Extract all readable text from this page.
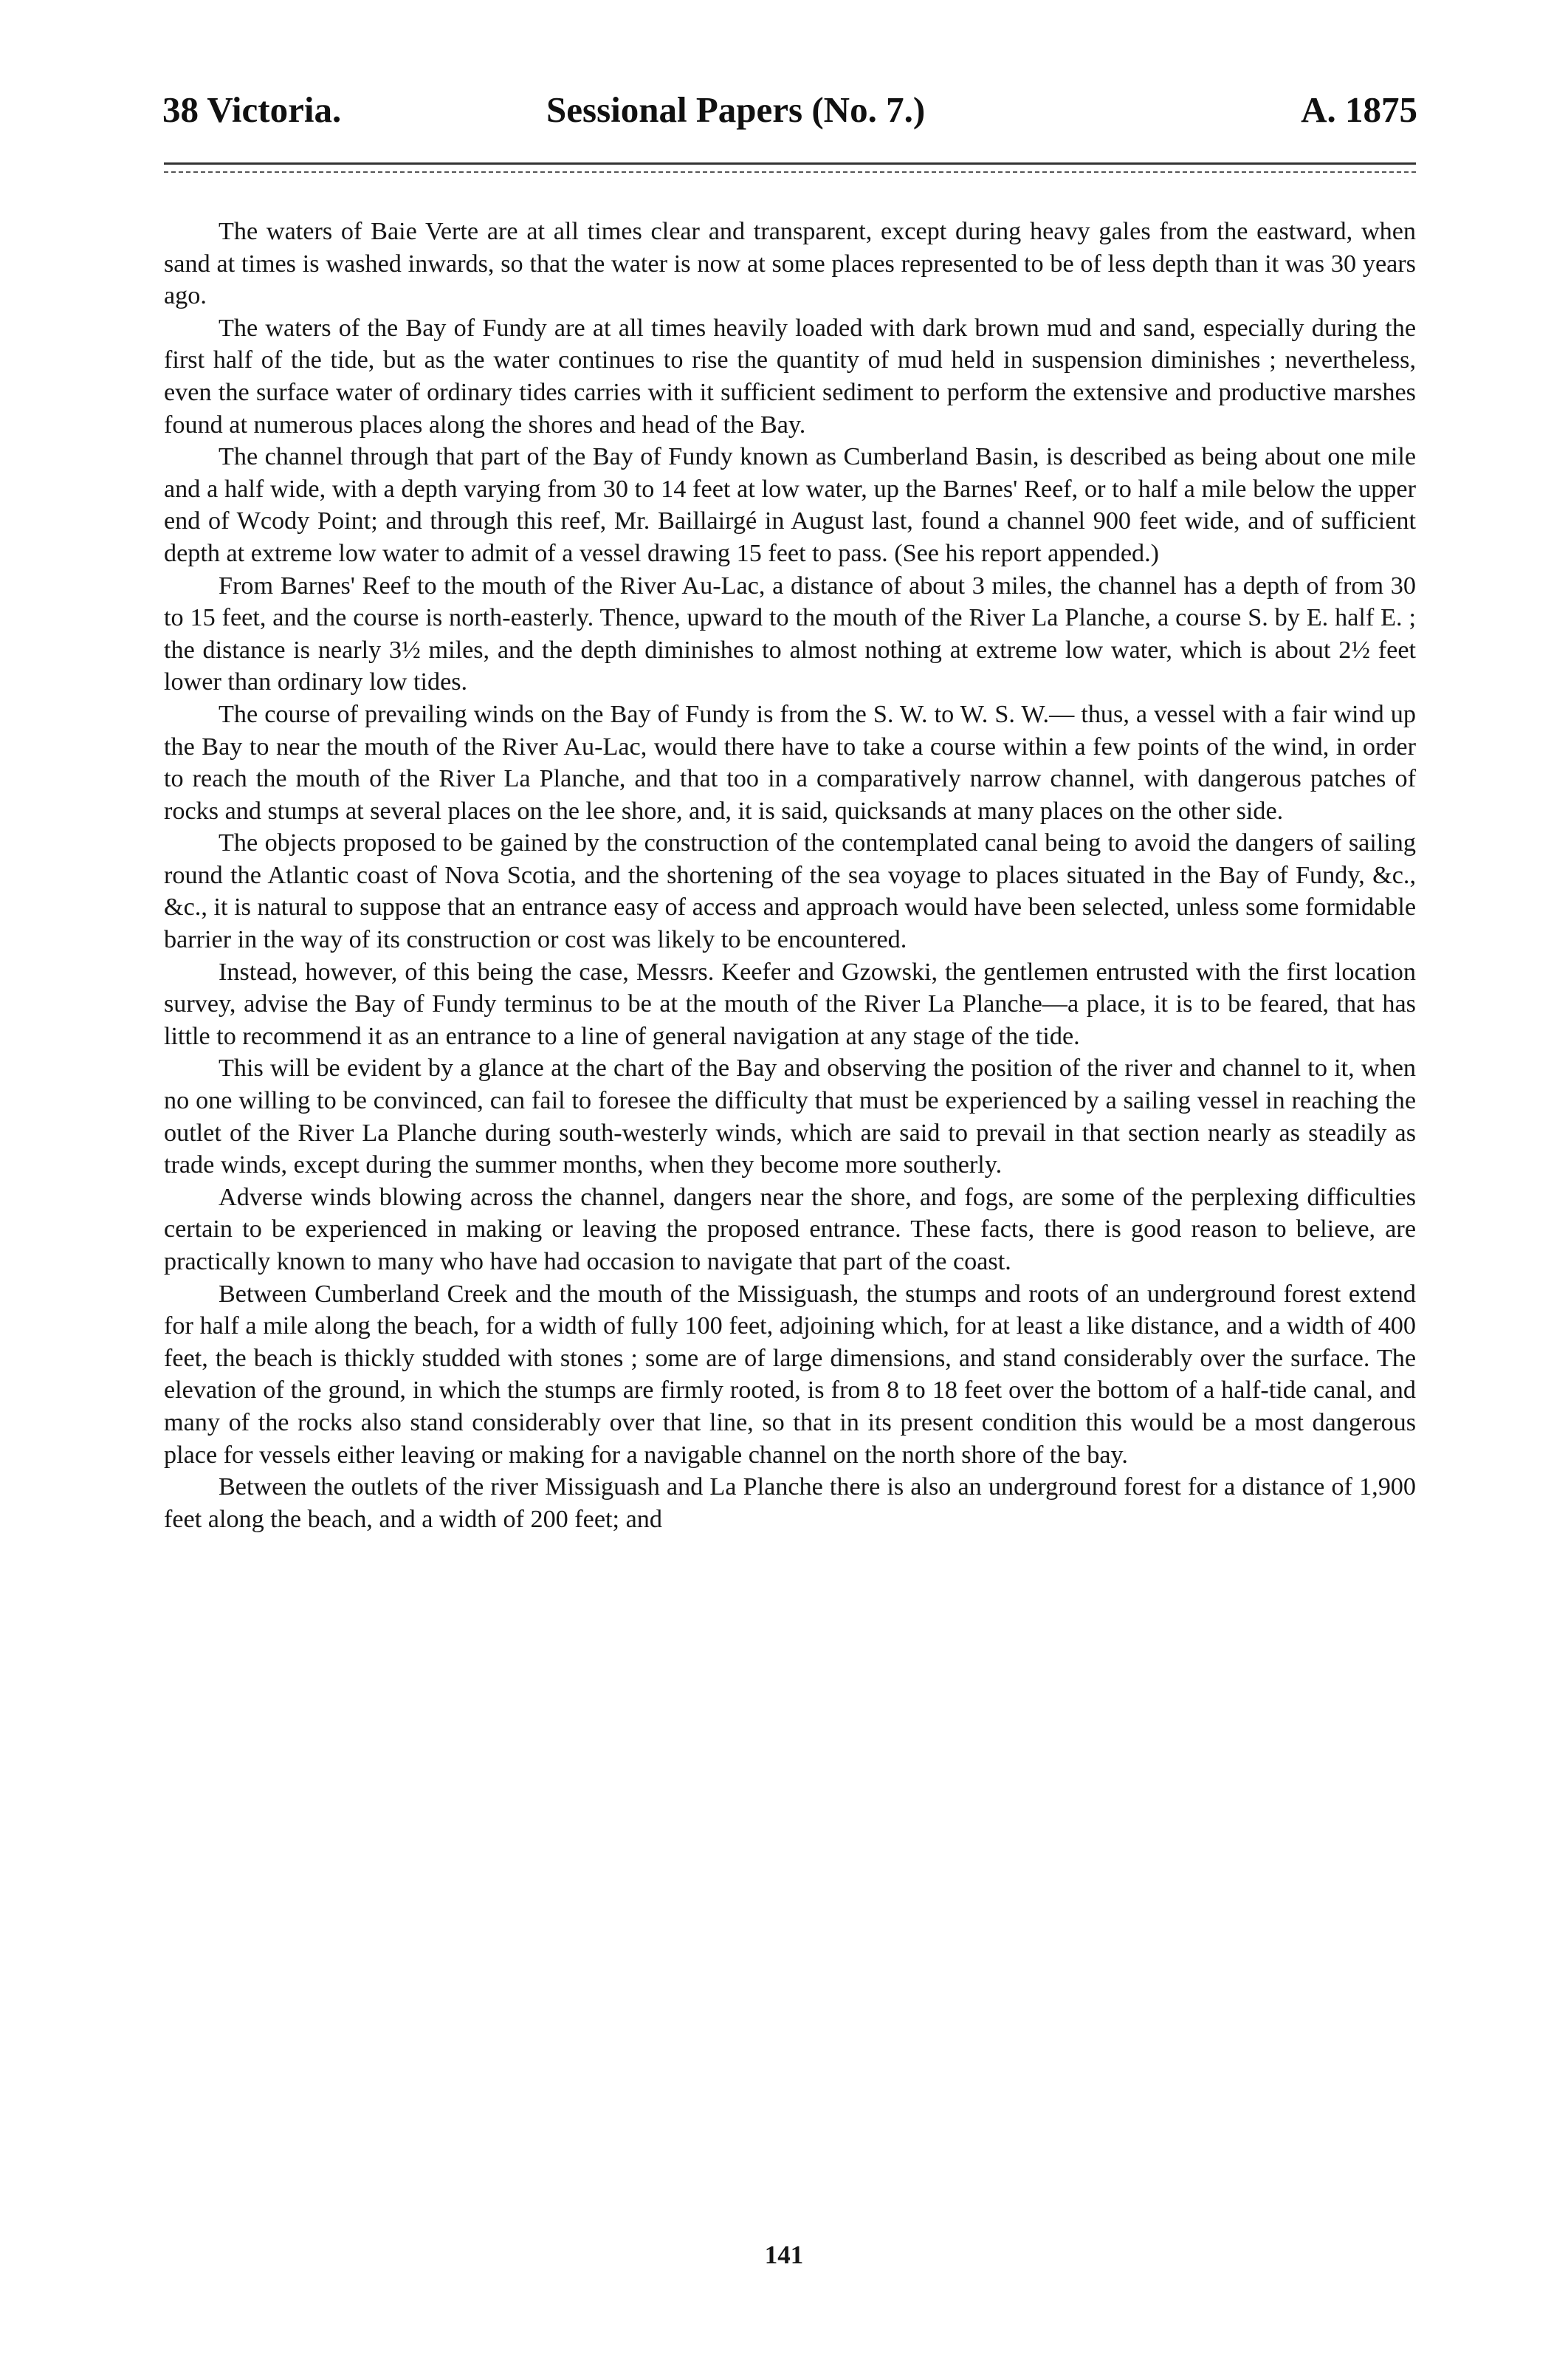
38 Victoria.	Sessional Papers (No. 7.)	A. 1875

The waters of Baie Verte are at all times clear and transparent, except during heavy gales from the eastward, when sand at times is washed inwards, so that the water is now at some places represented to be of less depth than it was 30 years ago.

The waters of the Bay of Fundy are at all times heavily loaded with dark brown mud and sand, especially during the first half of the tide, but as the water continues to rise the quantity of mud held in suspension diminishes ; nevertheless, even the surface water of ordinary tides carries with it sufficient sediment to perform the extensive and productive marshes found at numerous places along the shores and head of the Bay.

The channel through that part of the Bay of Fundy known as Cumberland Basin, is described as being about one mile and a half wide, with a depth varying from 30 to 14 feet at low water, up the Barnes' Reef, or to half a mile below the upper end of Wcody Point; and through this reef, Mr. Baillairgé in August last, found a channel 900 feet wide, and of sufficient depth at extreme low water to admit of a vessel drawing 15 feet to pass. (See his report appended.)

From Barnes' Reef to the mouth of the River Au-Lac, a distance of about 3 miles, the channel has a depth of from 30 to 15 feet, and the course is north-easterly. Thence, upward to the mouth of the River La Planche, a course S. by E. half E. ; the distance is nearly 3½ miles, and the depth diminishes to almost nothing at extreme low water, which is about 2½ feet lower than ordinary low tides.

The course of prevailing winds on the Bay of Fundy is from the S. W. to W. S. W.— thus, a vessel with a fair wind up the Bay to near the mouth of the River Au-Lac, would there have to take a course within a few points of the wind, in order to reach the mouth of the River La Planche, and that too in a comparatively narrow channel, with dangerous patches of rocks and stumps at several places on the lee shore, and, it is said, quicksands at many places on the other side.

The objects proposed to be gained by the construction of the contemplated canal being to avoid the dangers of sailing round the Atlantic coast of Nova Scotia, and the shortening of the sea voyage to places situated in the Bay of Fundy, &c., &c., it is natural to suppose that an entrance easy of access and approach would have been selected, unless some formidable barrier in the way of its construction or cost was likely to be encountered.

Instead, however, of this being the case, Messrs. Keefer and Gzowski, the gentlemen entrusted with the first location survey, advise the Bay of Fundy terminus to be at the mouth of the River La Planche—a place, it is to be feared, that has little to recommend it as an entrance to a line of general navigation at any stage of the tide.

This will be evident by a glance at the chart of the Bay and observing the position of the river and channel to it, when no one willing to be convinced, can fail to foresee the difficulty that must be experienced by a sailing vessel in reaching the outlet of the River La Planche during south-westerly winds, which are said to prevail in that section nearly as steadily as trade winds, except during the summer months, when they become more southerly.

Adverse winds blowing across the channel, dangers near the shore, and fogs, are some of the perplexing difficulties certain to be experienced in making or leaving the proposed entrance. These facts, there is good reason to believe, are practically known to many who have had occasion to navigate that part of the coast.

Between Cumberland Creek and the mouth of the Missiguash, the stumps and roots of an underground forest extend for half a mile along the beach, for a width of fully 100 feet, adjoining which, for at least a like distance, and a width of 400 feet, the beach is thickly studded with stones ; some are of large dimensions, and stand considerably over the surface. The elevation of the ground, in which the stumps are firmly rooted, is from 8 to 18 feet over the bottom of a half-tide canal, and many of the rocks also stand considerably over that line, so that in its present condition this would be a most dangerous place for vessels either leaving or making for a navigable channel on the north shore of the bay.

Between the outlets of the river Missiguash and La Planche there is also an underground forest for a distance of 1,900 feet along the beach, and a width of 200 feet; and

141
